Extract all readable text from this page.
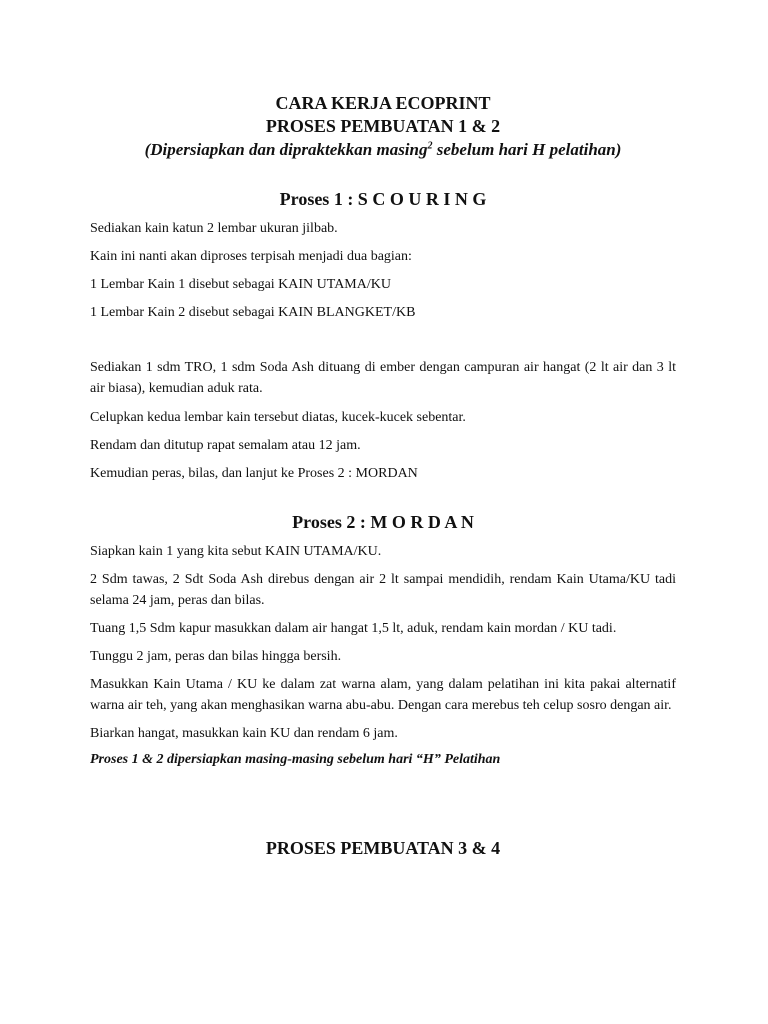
CARA KERJA ECOPRINT

PROSES PEMBUATAN 1 & 2

(Dipersiapkan dan dipraktekkan masing$^2$ sebelum hari H pelatihan)

Proses 1 : S C O U R I N G

Sediakan kain katun 2 lembar ukuran jilbab.

Kain ini nanti akan diproses terpisah menjadi dua bagian:

1 Lembar Kain 1 disebut sebagai KAIN UTAMA/KU

1 Lembar Kain 2 disebut sebagai KAIN BLANGKET/KB

Sediakan 1 sdm TRO, 1 sdm Soda Ash dituang di ember dengan campuran air hangat (2 lt air dan 3 lt air biasa), kemudian aduk rata.

Celupkan kedua lembar kain tersebut diatas, kucek-kucek sebentar.

Rendam dan ditutup rapat semalam atau 12 jam.

Kemudian peras, bilas, dan lanjut ke Proses 2 : MORDAN

Proses 2 : M O R D A N

Siapkan kain 1 yang kita sebut KAIN UTAMA/KU.

2 Sdm tawas, 2 Sdt Soda Ash direbus dengan air 2 lt sampai mendidih, rendam Kain Utama/KU tadi selama 24 jam, peras dan bilas.

Tuang 1,5 Sdm kapur masukkan dalam air hangat 1,5 lt, aduk, rendam kain mordan / KU tadi.

Tunggu 2 jam, peras dan bilas hingga bersih.

Masukkan Kain Utama / KU ke dalam zat warna alam, yang dalam pelatihan ini kita pakai alternatif warna air teh, yang akan menghasikan warna abu-abu. Dengan cara merebus teh celup sosro dengan air.

Biarkan hangat, masukkan kain KU dan rendam 6 jam.

Proses 1 & 2 dipersiapkan masing-masing sebelum hari “H” Pelatihan

PROSES PEMBUATAN 3 & 4
